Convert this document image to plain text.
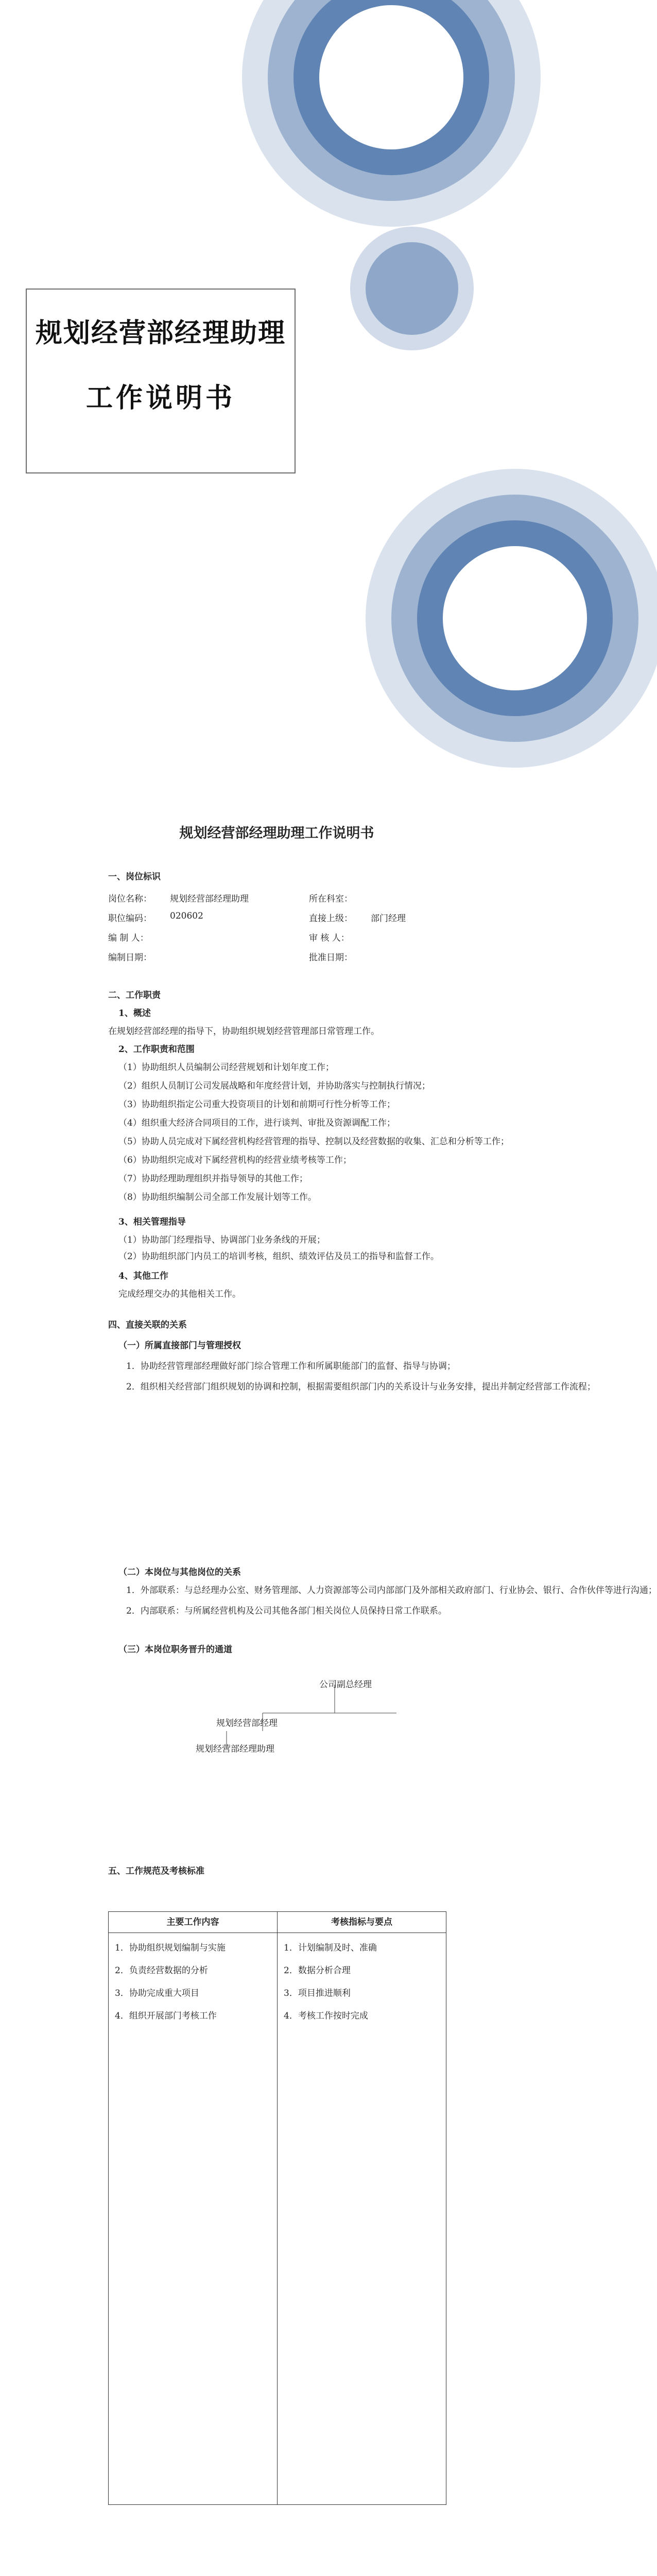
规划经营部经理助理
工作说明书
规划经营部经理助理工作说明书
一、岗位标识
岗位名称： 规划经营部经理助理	所在科室：
职位编码： 020602	直接上级： 部门经理
编 制 人：	审 核 人：
编制日期：	批准日期：
二、工作职责
1、概述
在规划经营部经理的指导下，协助组织规划经营管理部日常管理工作。
2、工作职责和范围
（1）协助组织人员编制公司经营规划和计划年度工作；
（2）组织人员制订公司发展战略和年度经营计划，并协助落实与控制执行情况；
（3）协助组织指定公司重大投资项目的计划和前期可行性分析等工作；
（4）组织重大经济合同项目的工作，进行谈判、审批及资源调配工作；
（5）协助人员完成对下属经营机构经营管理的指导、控制以及经营数据的收集、汇总和分析等工作；
（6）协助组织完成对下属经营机构的经营业绩考核等工作；
（7）协助经理助理组织并指导领导的其他工作；
（8）协助组织编制公司全部工作发展计划等工作。
3、相关管理指导
（1）协助部门经理指导、协调部门业务条线的开展；
（2）协助组织部门内员工的培训考核，组织、绩效评估及员工的指导和监督工作。
4、其他工作
完成经理交办的其他相关工作。
四、直接关联的关系
（一）所属直接部门与管理授权
1．协助经营管理部经理做好部门综合管理工作和所属职能部门的监督、指导与协调；
2．组织相关经营部门组织规划的协调和控制，根据需要组织部门内的关系设计与业务安排，提出并制定经营部工作流程；
（二）本岗位与其他岗位的关系
1．外部联系：与总经理办公室、财务管理部、人力资源部等公司内部部门及外部相关政府部门、行业协会、银行、合作伙伴等进行沟通；
2．内部联系：与所属经营机构及公司其他各部门相关岗位人员保持日常工作联系。
（三）本岗位职务晋升的通道
公司副总经理
规划经营部经理
规划经营部经理助理
五、工作规范及考核标准
主要工作内容	考核指标与要点
1．协助组织规划编制与实施
2．负责经营数据的分析
3．协助完成重大项目
4．组织开展部门考核工作
1．计划编制及时、准确
2．数据分析合理
3．项目推进顺利
4．考核工作按时完成
